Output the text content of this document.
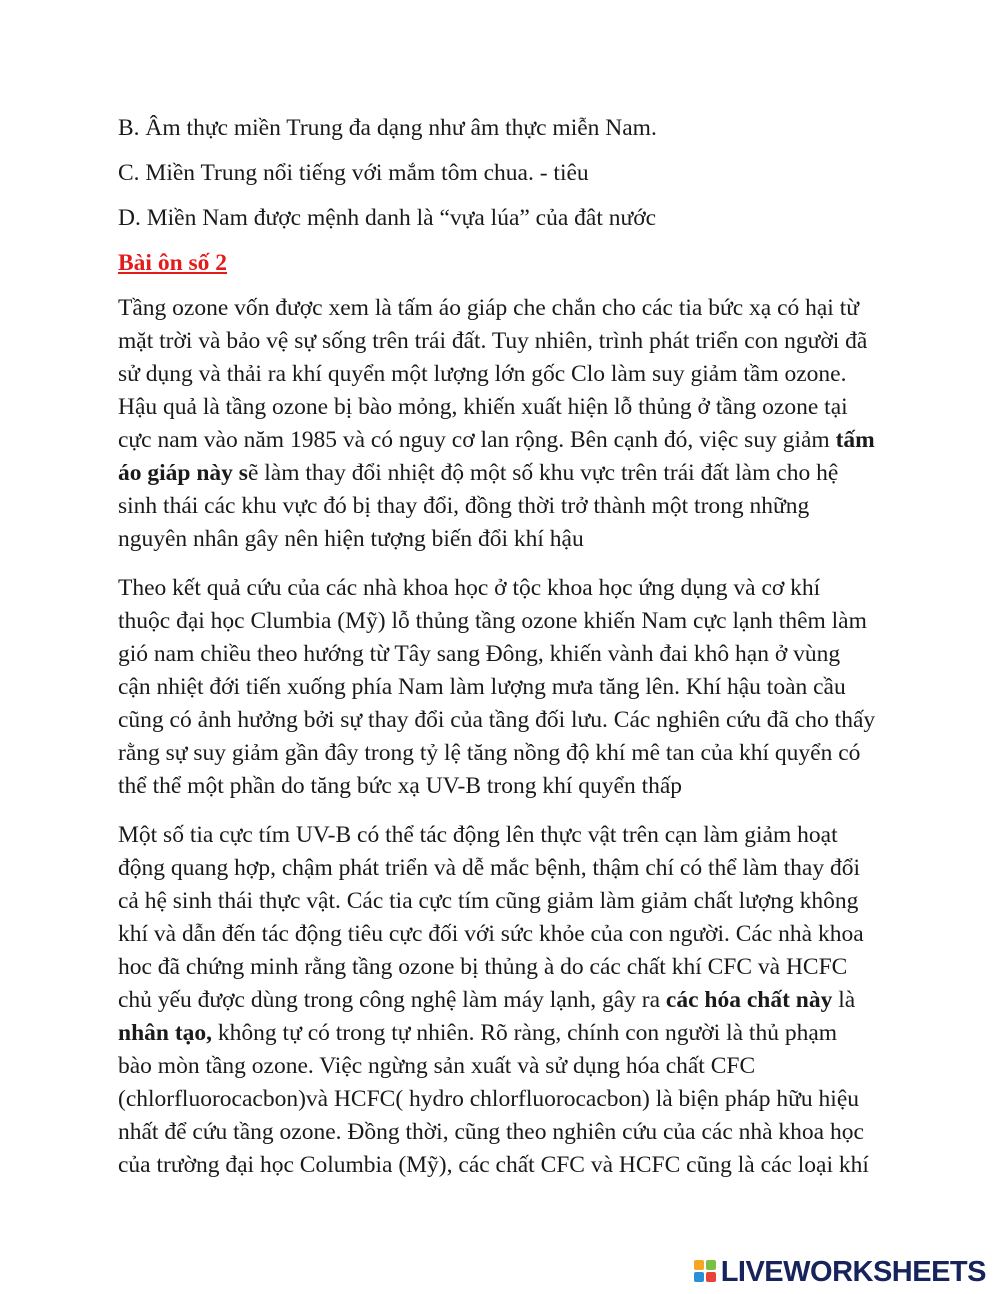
B. Âm thực miền Trung đa dạng như âm thực miễn Nam.
C. Miền Trung nổi tiếng với mắm tôm chua. - tiêu
D. Miền Nam được mệnh danh là “vựa lúa” của đât nước
Bài ôn số 2
Tầng ozone vốn được xem là tấm áo giáp che chắn cho các tia bức xạ có hại từ
mặt trời và bảo vệ sự sống trên trái đất. Tuy nhiên, trình phát triển con người đã
sử dụng và thải ra khí quyển một lượng lớn gốc Clo làm suy giảm tầm ozone.
Hậu quả là tầng ozone bị bào mỏng, khiến xuất hiện lỗ thủng ở tầng ozone tại
cực nam vào năm 1985 và có nguy cơ lan rộng. Bên cạnh đó, việc suy giảm tấm
áo giáp này sẽ làm thay đổi nhiệt độ một số khu vực trên trái đất làm cho hệ
sinh thái các khu vực đó bị thay đổi, đồng thời trở thành một trong những
nguyên nhân gây nên hiện tượng biến đổi khí hậu
Theo kết quả cứu của các nhà khoa học ở tộc khoa học ứng dụng và cơ khí
thuộc đại học Clumbia (Mỹ) lỗ thủng tầng ozone khiến Nam cực lạnh thêm làm
gió nam chiều theo hướng từ Tây sang Đông, khiến vành đai khô hạn ở vùng
cận nhiệt đới tiến xuống phía Nam làm lượng mưa tăng lên. Khí hậu toàn cầu
cũng có ảnh hưởng bởi sự thay đổi của tầng đối lưu. Các nghiên cứu đã cho thấy
rằng sự suy giảm gần đây trong tỷ lệ tăng nồng độ khí mê tan của khí quyển có
thể thể một phần do tăng bức xạ UV-B trong khí quyển thấp
Một số tia cực tím UV-B có thể tác động lên thực vật trên cạn làm giảm hoạt
động quang hợp, chậm phát triển và dễ mắc bệnh, thậm chí có thể làm thay đổi
cả hệ sinh thái thực vật. Các tia cực tím cũng giảm làm giảm chất lượng không
khí và dẫn đến tác động tiêu cực đối với sức khỏe của con người. Các nhà khoa
hoc đã chứng minh rằng tầng ozone bị thủng à do các chất khí CFC và HCFC
chủ yếu được dùng trong công nghệ làm máy lạnh, gây ra các hóa chất này là
nhân tạo, không tự có trong tự nhiên. Rõ ràng, chính con người là thủ phạm
bào mòn tầng ozone. Việc ngừng sản xuất và sử dụng hóa chất CFC
(chlorfluorocacbon)và HCFC( hydro chlorfluorocacbon) là biện pháp hữu hiệu
nhất để cứu tầng ozone. Đồng thời, cũng theo nghiên cứu của các nhà khoa học
của trường đại học Columbia (Mỹ), các chất CFC và HCFC cũng là các loại khí
LIVEWORKSHEETS
